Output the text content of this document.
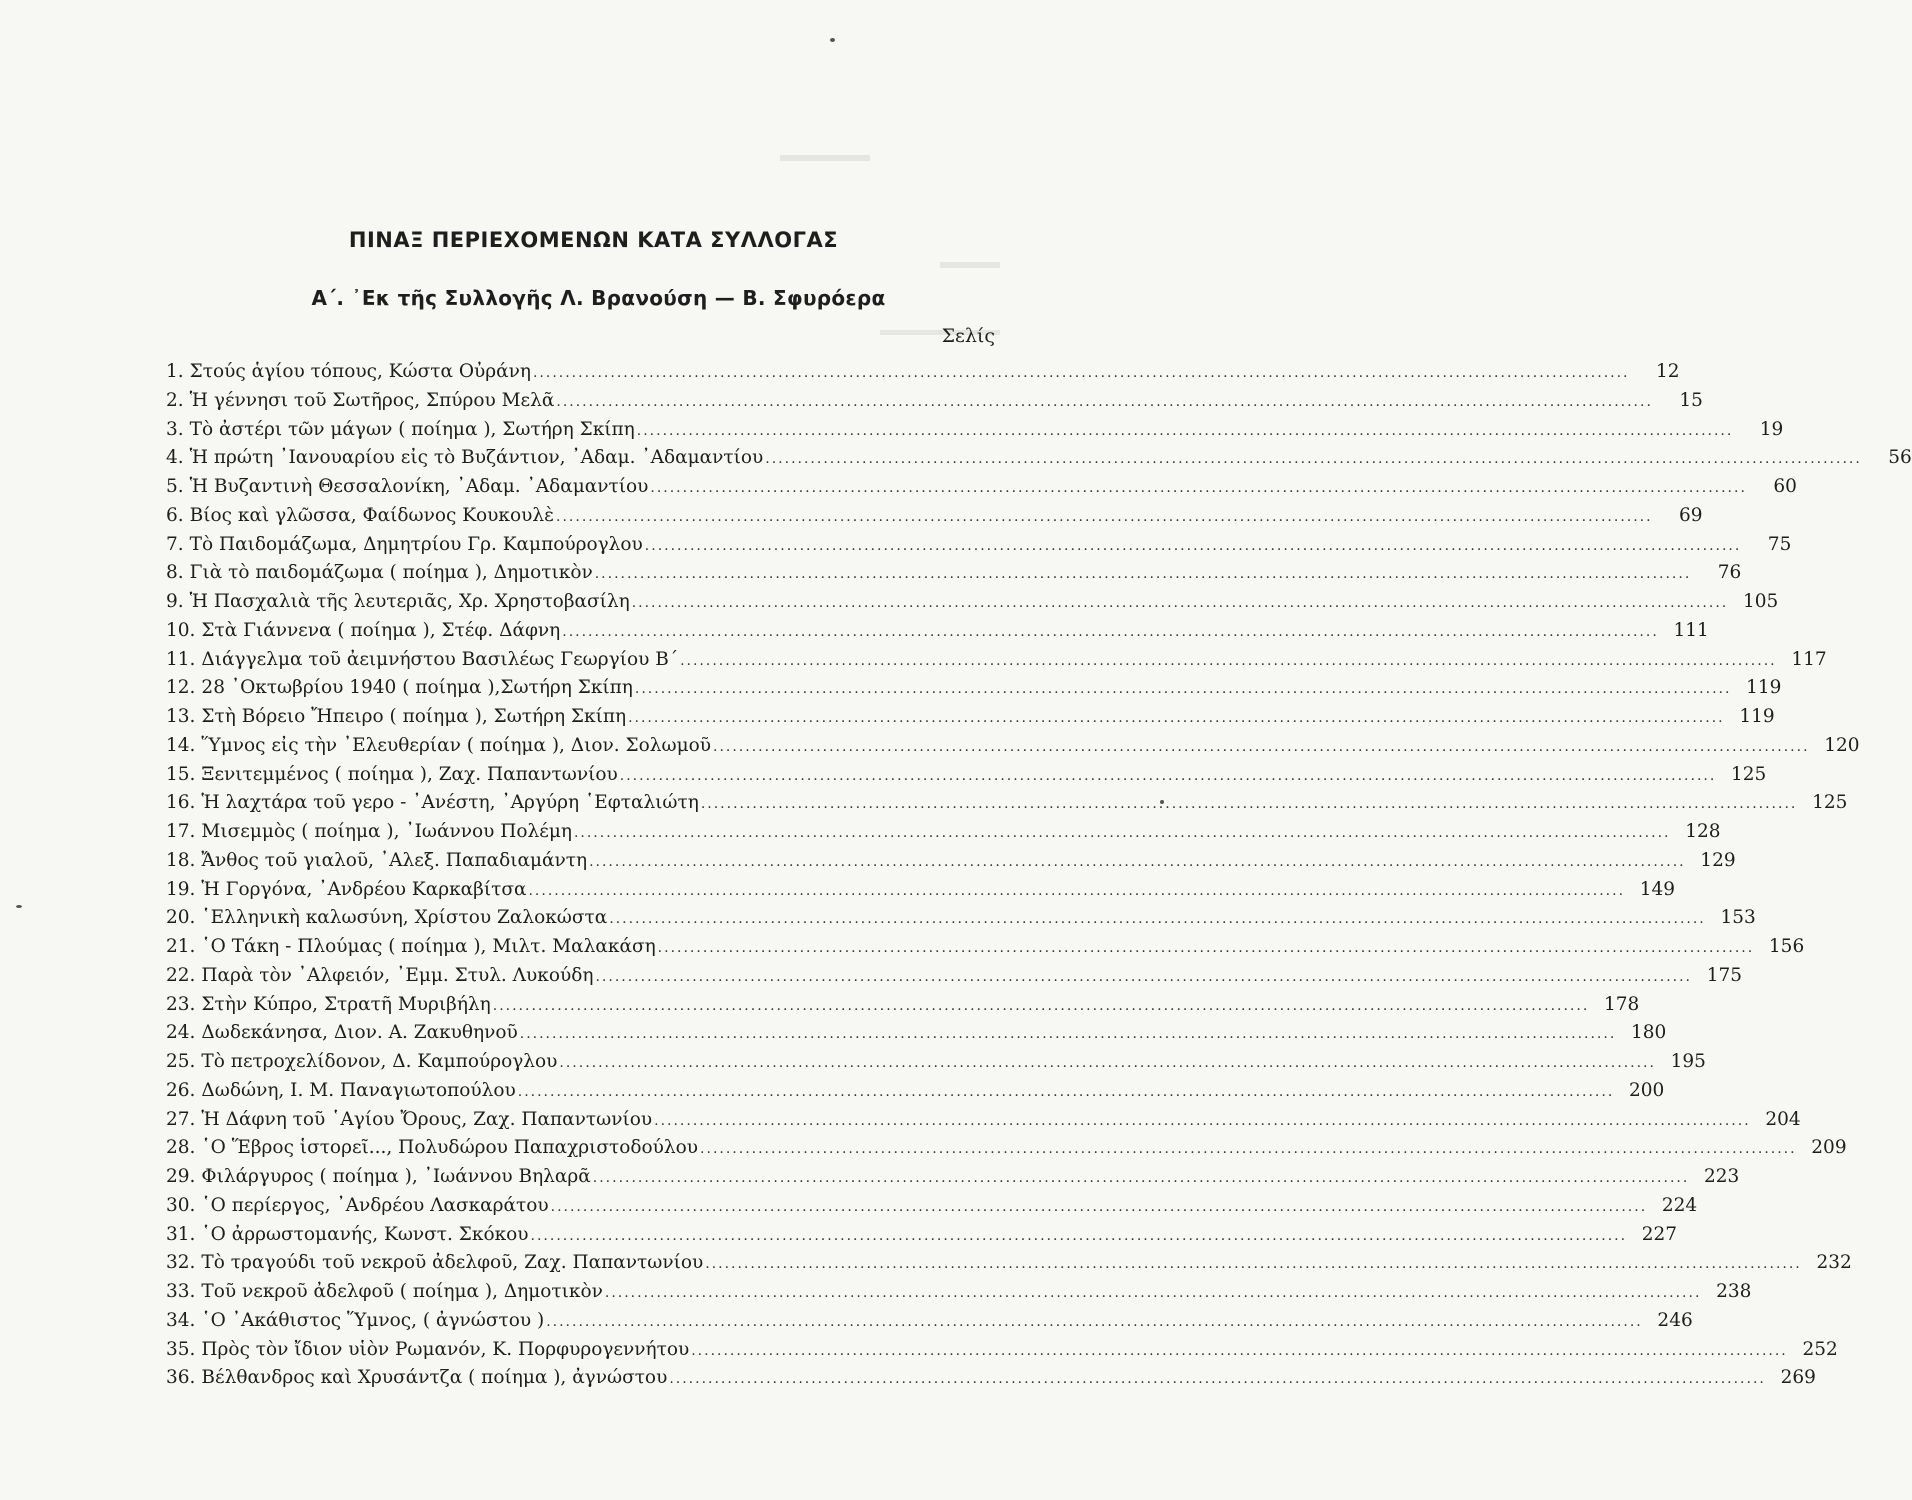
ΠΙΝΑΞ ΠΕΡΙΕΧΟΜΕΝΩΝ ΚΑΤΑ ΣΥΛΛΟΓΑΣ
Α΄. ᾿Εκ τῆς Συλλογῆς Λ. Βρανούση — Β. Σφυρόερα
Σελίς
1. Στούς ἁγίου τόπους, Κώστα Οὐράνη .....	12
2. Ἡ γέννησι τοῦ Σωτῆρος, Σπύρου Μελᾶ .....	15
3. Τὸ ἀστέρι τῶν μάγων ( ποίημα ), Σωτήρη Σκίπη .....	19
4. Ἡ πρώτη ᾿Ιανουαρίου εἰς τὸ Βυζάντιον, ᾿Αδαμ. ᾿Αδαμαντίου .....	56
5. Ἡ Βυζαντινὴ Θεσσαλονίκη, ᾿Αδαμ. ᾿Αδαμαντίου .....	60
6. Βίος καὶ γλῶσσα, Φαίδωνος Κουκουλὲ .....	69
7. Τὸ Παιδομάζωμα, Δημητρίου Γρ. Καμπούρογλου .....	75
8. Γιὰ τὸ παιδομάζωμα ( ποίημα ), Δημοτικὸν .....	76
9. Ἡ Πασχαλιὰ τῆς λευτεριᾶς, Χρ. Χρηστοβασίλη .....	105
10. Στὰ Γιάννενα ( ποίημα ), Στέφ. Δάφνη .....	111
11. Διάγγελμα τοῦ ἀειμνήστου Βασιλέως Γεωργίου Β΄ .....	117
12. 28 ᾿Οκτωβρίου 1940 ( ποίημα ),Σωτήρη Σκίπη .....	119
13. Στὴ Βόρειο Ἤπειρο ( ποίημα ), Σωτήρη Σκίπη .....	119
14. Ὕμνος εἰς τὴν ᾿Ελευθερίαν ( ποίημα ), Διον. Σολωμοῦ .....	120
15. Ξενιτεμμένος ( ποίημα ), Ζαχ. Παπαντωνίου .....	125
16. Ἡ λαχτάρα τοῦ γερο - ᾿Ανέστη, ᾿Αργύρη ῾Εφταλιώτη .....	125
17. Μισεμμὸς ( ποίημα ), ᾿Ιωάννου Πολέμη .....	128
18. Ἄνθος τοῦ γιαλοῦ, ᾿Αλεξ. Παπαδιαμάντη .....	129
19. Ἡ Γοργόνα, ᾿Ανδρέου Καρκαβίτσα .....	149
20. ῾Ελληνικὴ καλωσύνη, Χρίστου Ζαλοκώστα .....	153
21. ῾Ο Τάκη - Πλούμας ( ποίημα ), Μιλτ. Μαλακάση .....	156
22. Παρὰ τὸν ᾿Αλφειόν, ᾿Εμμ. Στυλ. Λυκούδη .....	175
23. Στὴν Κύπρο, Στρατῆ Μυριβήλη .....	178
24. Δωδεκάνησα, Διον. Α. Ζακυθηνοῦ .....	180
25. Τὸ πετροχελίδονον, Δ. Καμπούρογλου .....	195
26. Δωδώνη, Ι. Μ. Παναγιωτοπούλου .....	200
27. Ἡ Δάφνη τοῦ ῾Αγίου Ὄρους, Ζαχ. Παπαντωνίου .....	204
28. ῾Ο Ἕβρος ἱστορεῖ..., Πολυδώρου Παπαχριστοδούλου .....	209
29. Φιλάργυρος ( ποίημα ), ᾿Ιωάννου Βηλαρᾶ .....	223
30. ῾Ο περίεργος, ᾿Ανδρέου Λασκαράτου .....	224
31. ῾Ο ἀρρωστομανής, Κωνστ. Σκόκου .....	227
32. Τὸ τραγούδι τοῦ νεκροῦ ἀδελφοῦ, Ζαχ. Παπαντωνίου .....	232
33. Τοῦ νεκροῦ ἀδελφοῦ ( ποίημα ), Δημοτικὸν .....	238
34. ῾Ο ᾿Ακάθιστος Ὕμνος, ( ἀγνώστου ) .....	246
35. Πρὸς τὸν ἴδιον υἱὸν Ρωμανόν, Κ. Πορφυρογεννήτου .....	252
36. Βέλθανδρος καὶ Χρυσάντζα ( ποίημα ), ἀγνώστου .....	269
